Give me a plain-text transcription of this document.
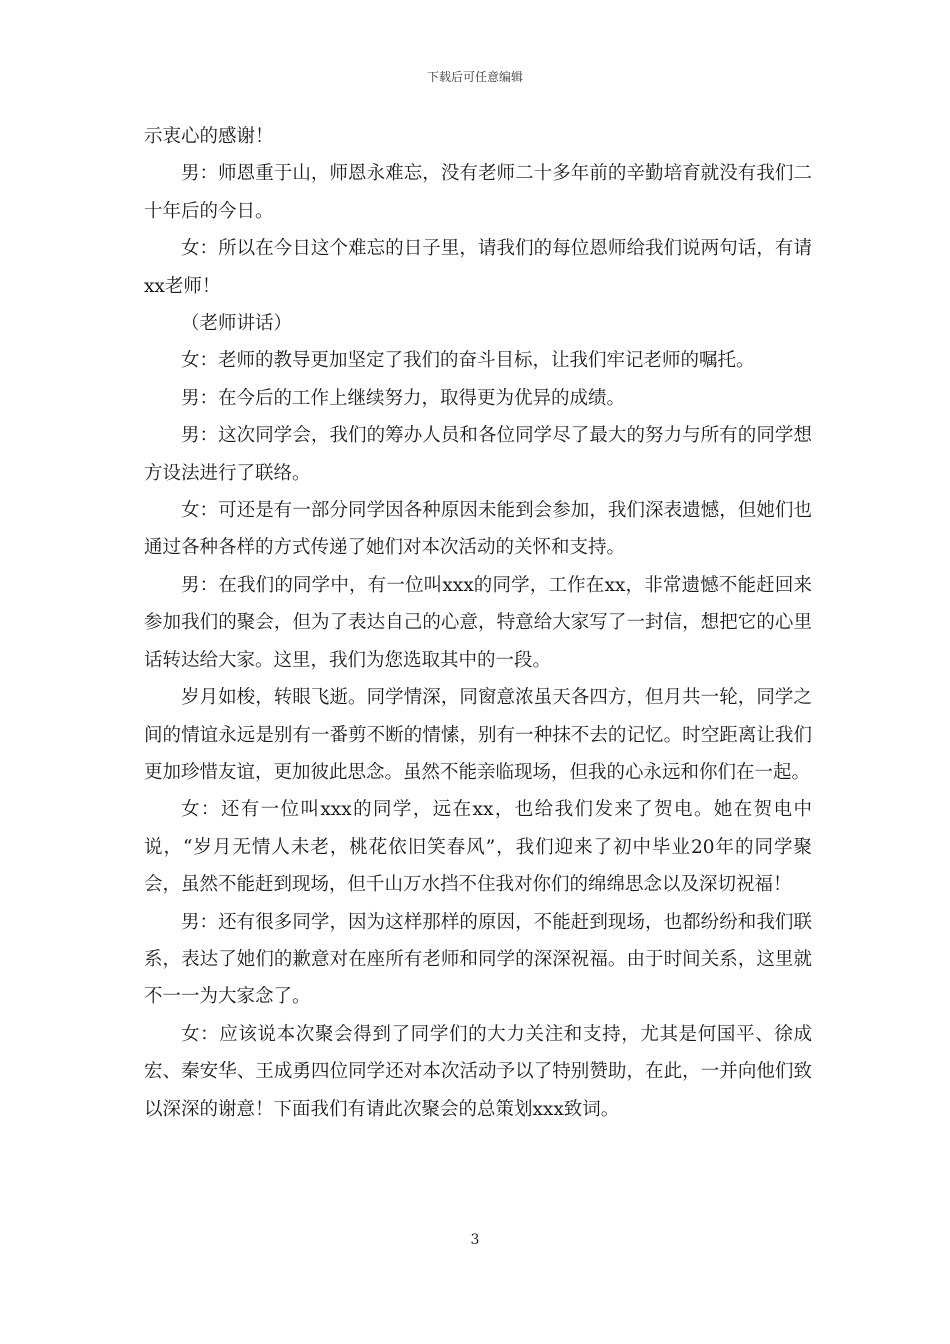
下载后可任意编辑

示衷心的感谢！

男：师恩重于山，师恩永难忘，没有老师二十多年前的辛勤培育就没有我们二十年后的今日。

女：所以在今日这个难忘的日子里，请我们的每位恩师给我们说两句话，有请xx老师！

（老师讲话）

女：老师的教导更加坚定了我们的奋斗目标，让我们牢记老师的嘱托。

男：在今后的工作上继续努力，取得更为优异的成绩。

男：这次同学会，我们的筹办人员和各位同学尽了最大的努力与所有的同学想方设法进行了联络。

女：可还是有一部分同学因各种原因未能到会参加，我们深表遗憾，但她们也通过各种各样的方式传递了她们对本次活动的关怀和支持。

男：在我们的同学中，有一位叫xxx的同学，工作在xx，非常遗憾不能赶回来参加我们的聚会，但为了表达自己的心意，特意给大家写了一封信，想把它的心里话转达给大家。这里，我们为您选取其中的一段。

岁月如梭，转眼飞逝。同学情深，同窗意浓虽天各四方，但月共一轮，同学之间的情谊永远是别有一番剪不断的情愫，别有一种抹不去的记忆。时空距离让我们更加珍惜友谊，更加彼此思念。虽然不能亲临现场，但我的心永远和你们在一起。

女：还有一位叫xxx的同学，远在xx，也给我们发来了贺电。她在贺电中说，“岁月无情人未老，桃花依旧笑春风”，我们迎来了初中毕业20年的同学聚会，虽然不能赶到现场，但千山万水挡不住我对你们的绵绵思念以及深切祝福！

男：还有很多同学，因为这样那样的原因，不能赶到现场，也都纷纷和我们联系，表达了她们的歉意对在座所有老师和同学的深深祝福。由于时间关系，这里就不一一为大家念了。

女：应该说本次聚会得到了同学们的大力关注和支持，尤其是何国平、徐成宏、秦安华、王成勇四位同学还对本次活动予以了特别赞助，在此，一并向他们致以深深的谢意！下面我们有请此次聚会的总策划xxx致词。

3
